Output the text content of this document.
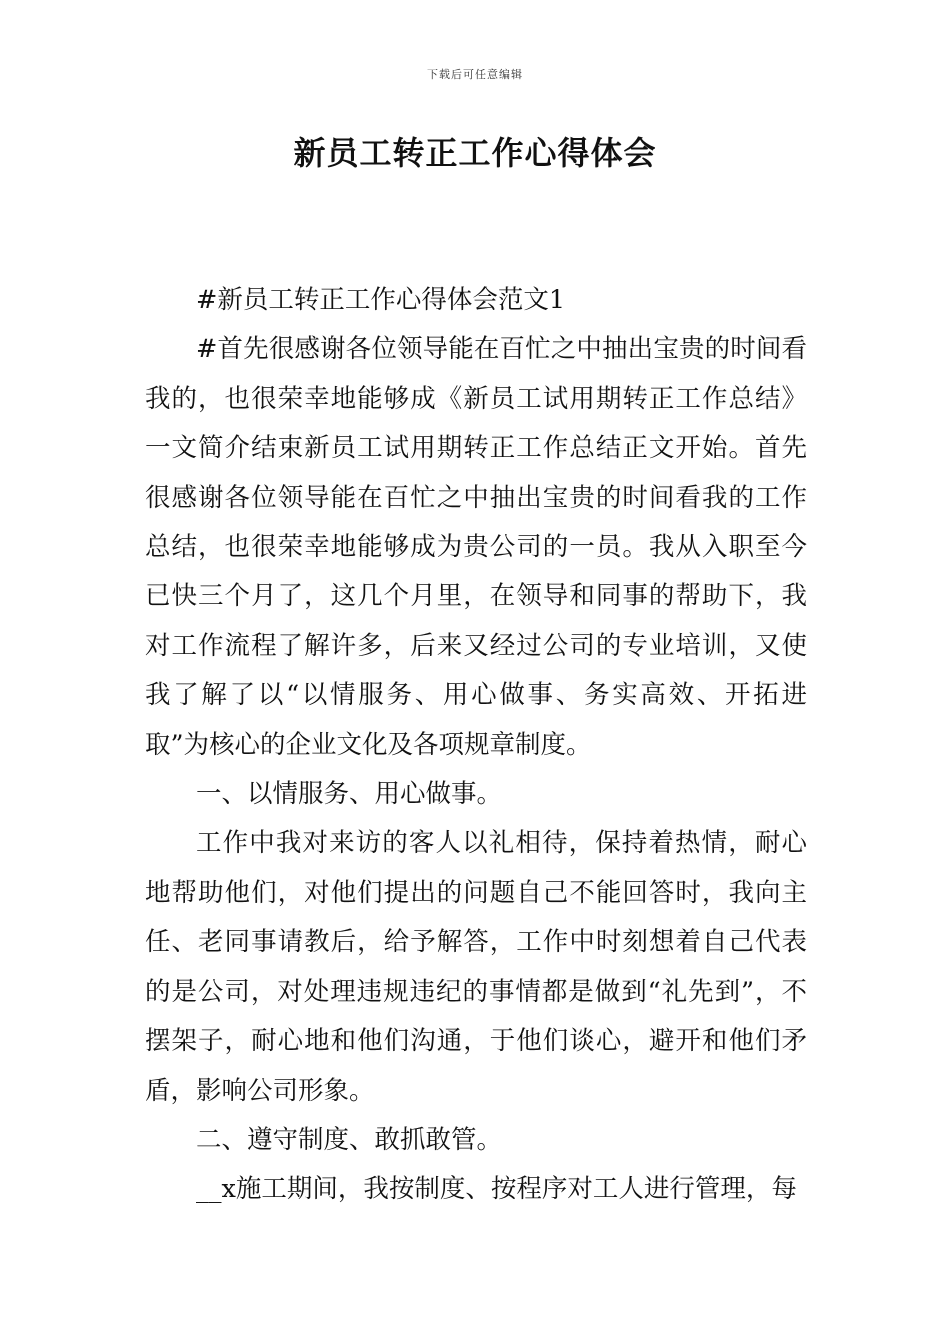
下载后可任意编辑
新员工转正工作心得体会

#新员工转正工作心得体会范文1

#首先很感谢各位领导能在百忙之中抽出宝贵的时间看我的，也很荣幸地能够成《新员工试用期转正工作总结》一文简介结束新员工试用期转正工作总结正文开始。首先很感谢各位领导能在百忙之中抽出宝贵的时间看我的工作总结，也很荣幸地能够成为贵公司的一员。我从入职至今已快三个月了，这几个月里，在领导和同事的帮助下，我对工作流程了解许多，后来又经过公司的专业培训，又使我了解了以“以情服务、用心做事、务实高效、开拓进取”为核心的企业文化及各项规章制度。

一、以情服务、用心做事。

工作中我对来访的客人以礼相待，保持着热情，耐心地帮助他们，对他们提出的问题自己不能回答时，我向主任、老同事请教后，给予解答，工作中时刻想着自己代表的是公司，对处理违规违纪的事情都是做到“礼先到”，不摆架子，耐心地和他们沟通，于他们谈心，避开和他们矛盾，影响公司形象。

二、遵守制度、敢抓敢管。

__x施工期间，我按制度、按程序对工人进行管理，每
